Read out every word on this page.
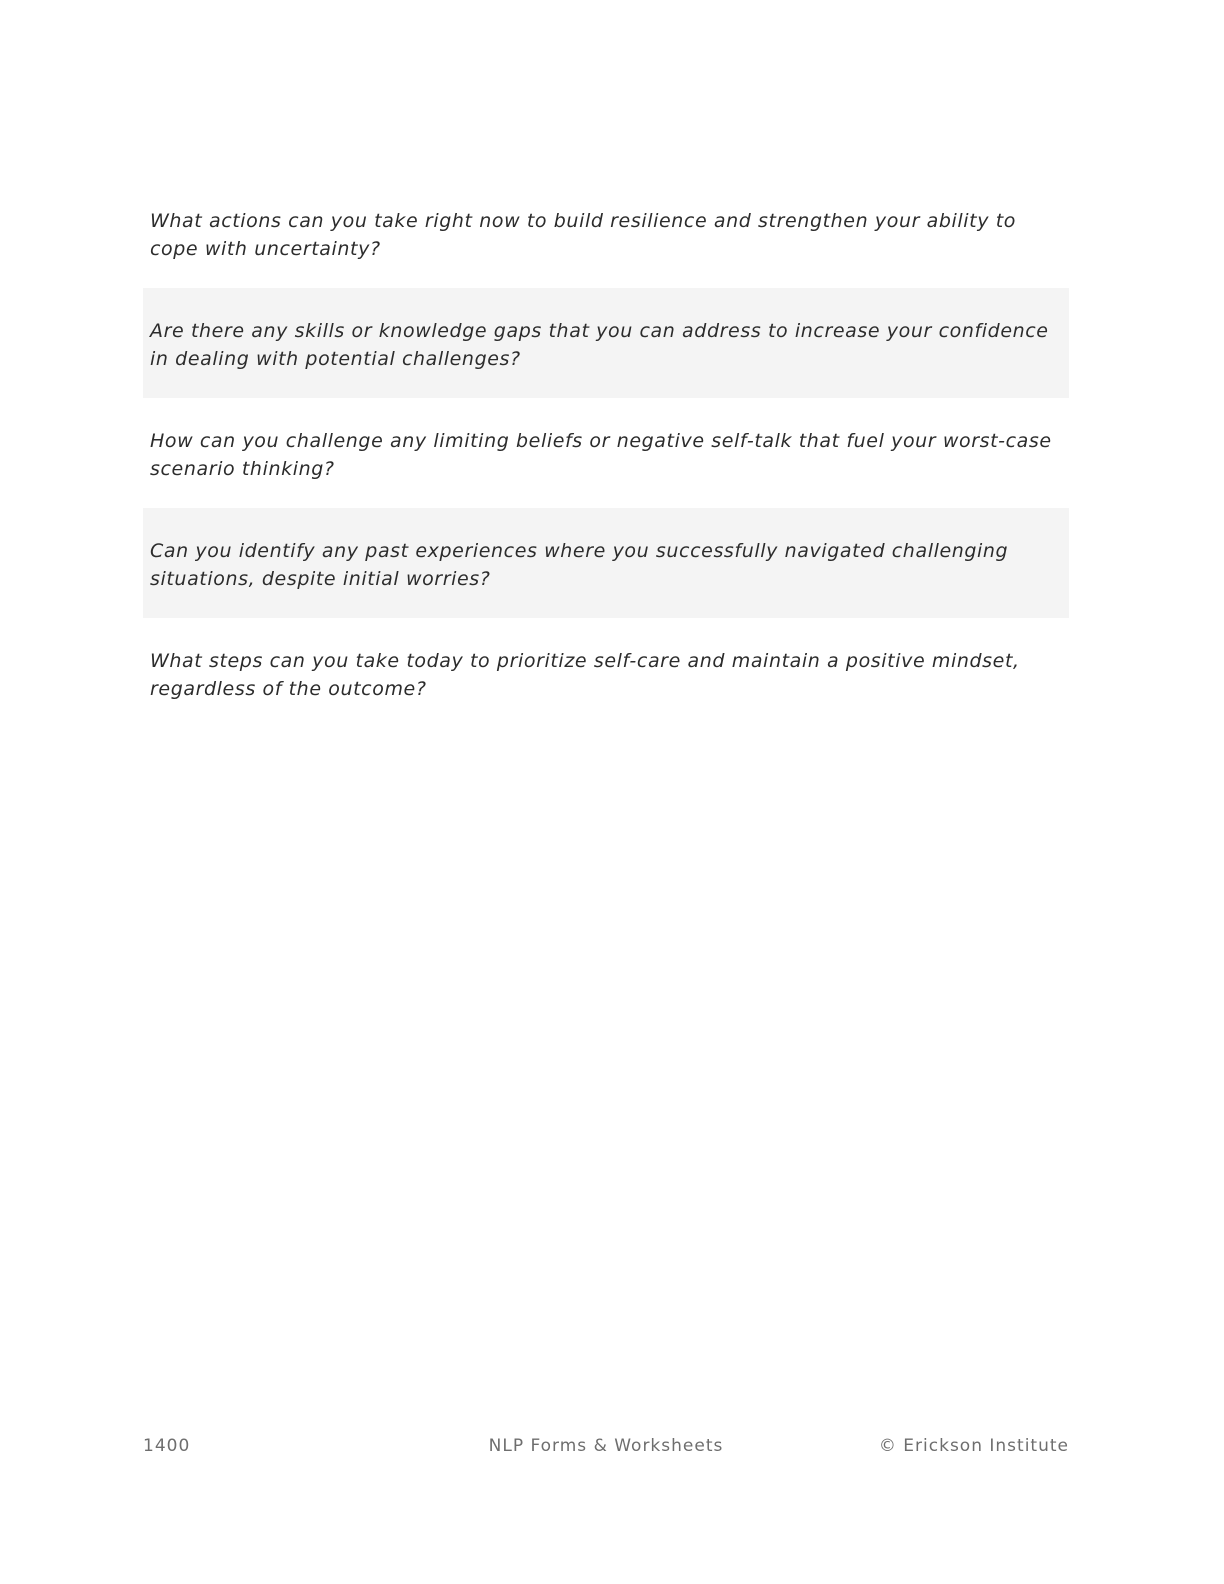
What actions can you take right now to build resilience and strengthen your ability to cope with uncertainty?
Are there any skills or knowledge gaps that you can address to increase your confidence in dealing with potential challenges?
How can you challenge any limiting beliefs or negative self-talk that fuel your worst-case scenario thinking?
Can you identify any past experiences where you successfully navigated challenging situations, despite initial worries?
What steps can you take today to prioritize self-care and maintain a positive mindset, regardless of the outcome?
1400	NLP Forms & Worksheets	© Erickson Institute
